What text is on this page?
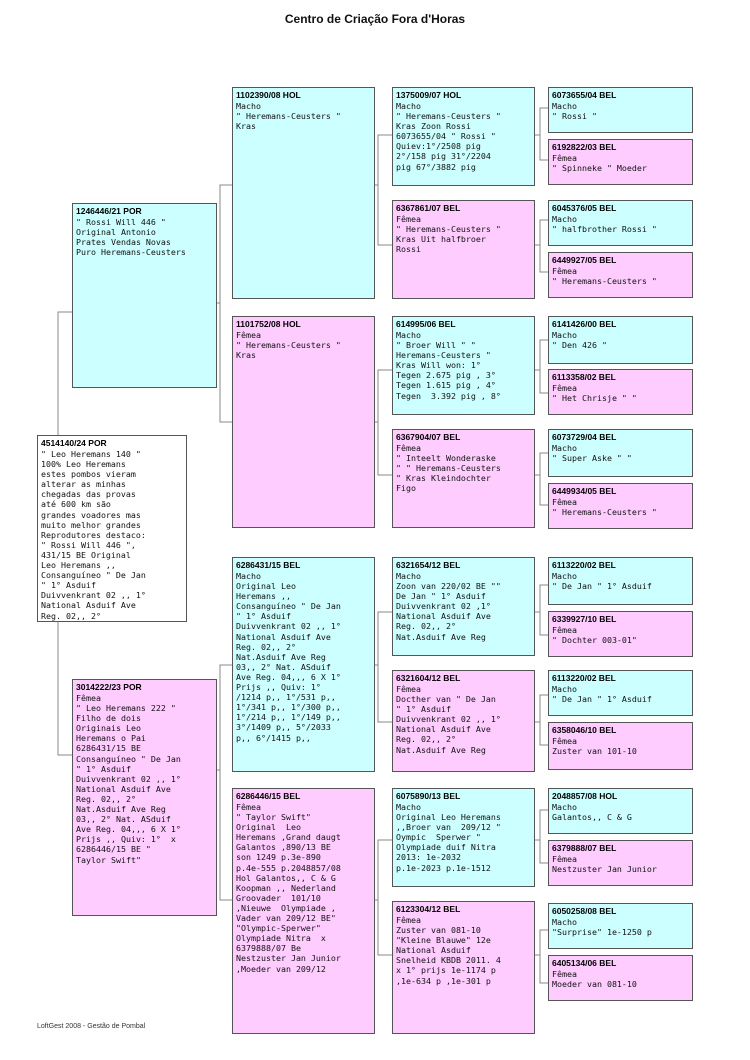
Centro de Criação Fora d'Horas
4514140/24 POR
" Leo Heremans 140 "
100% Leo Heremans
estes pombos vieram
alterar as minhas
chegadas das provas
até 600 km são
grandes voadores mas
muito melhor grandes
Reprodutores destaco:
" Rossi Will 446 ",
431/15 BE Original
Leo Heremans ,,
Consanguíneo " De Jan
" 1° Asduif
Duivvenkrant 02 ,, 1°
National Asduif Ave
Reg. 02,, 2°
1246446/21 POR
" Rossi Will 446 "
Original Antonio
Prates Vendas Novas
Puro Heremans-Ceusters
3014222/23 POR
Fêmea
" Leo Heremans 222 "
Filho de dois
Originais Leo
Heremans o Pai
6286431/15 BE
Consanguíneo " De Jan
" 1° Asduif
Duivvenkrant 02 ,, 1°
National Asduif Ave
Reg. 02,, 2°
Nat.Asduif Ave Reg
03,, 2° Nat. ASduif
Ave Reg. 04,,, 6 X 1°
Prijs ,, Quiv: 1°  x
6286446/15 BE "
Taylor Swift"
1102390/08 HOL
Macho
" Heremans-Ceusters "
Kras
1101752/08 HOL
Fêmea
" Heremans-Ceusters "
Kras
6286431/15 BEL
Macho
Original Leo
Heremans ,,
Consanguíneo " De Jan
" 1° Asduif
Duivvenkrant 02 ,, 1°
National Asduif Ave
Reg. 02,, 2°
Nat.Asduif Ave Reg
03,, 2° Nat. ASduif
Ave Reg. 04,,, 6 X 1°
Prijs ,, Quiv: 1°
/1214 p,, 1°/531 p,,
1°/341 p,, 1°/300 p,,
1°/214 p,, 1°/149 p,,
3°/1409 p,, 5°/2033
p,, 6°/1415 p,,
6286446/15 BEL
Fêmea
" Taylor Swift"
Original  Leo
Heremans ,Grand daugt
Galantos ,890/13 BE
son 1249 p.3e-890
p.4e-555 p.2048857/08
Hol Galantos,, C & G
Koopman ,, Nederland
Groovader  101/10
,Nieuwe  Olympiade ,
Vader van 209/12 BE"
"Olympic-Sperwer"
Olympiade Nitra  x
6379888/07 Be
Nestzuster Jan Junior
,Moeder van 209/12
1375009/07 HOL
Macho
" Heremans-Ceusters "
Kras Zoon Rossi
6073655/04 " Rossi "
Quiev:1°/2508 pig
2°/158 pig 31°/2204
pig 67°/3882 pig
6367861/07 BEL
Fêmea
" Heremans-Ceusters "
Kras Uit halfbroer
Rossi
614995/06 BEL
Macho
" Broer Will " "
Heremans-Ceusters "
Kras Will won: 1°
Tegen 2.675 pig , 3°
Tegen 1.615 pig , 4°
Tegen  3.392 pig , 8°
6367904/07 BEL
Fêmea
" Inteelt Wonderaske
" " Heremans-Ceusters
" Kras Kleindochter
Figo
6321654/12 BEL
Macho
Zoon van 220/02 BE ""
De Jan " 1° Asduif
Duivvenkrant 02 ,1°
National Asduif Ave
Reg. 02,, 2°
Nat.Asduif Ave Reg
6321604/12 BEL
Fêmea
Docther van " De Jan
" 1° Asduif
Duivvenkrant 02 ,, 1°
National Asduif Ave
Reg. 02,, 2°
Nat.Asduif Ave Reg
6075890/13 BEL
Macho
Original Leo Heremans
,,Broer van  209/12 "
Oympic  Sperwer "
Olympiade duif Nitra
2013: 1e-2032
p.1e-2023 p.1e-1512
6123304/12 BEL
Fêmea
Zuster van 081-10
"Kleine Blauwe" 12e
National Asduif
Snelheid KBDB 2011. 4
x 1° prijs 1e-1174 p
,1e-634 p ,1e-301 p
6073655/04 BEL
Macho
" Rossi "
6192822/03 BEL
Fêmea
" Spinneke " Moeder
6045376/05 BEL
Macho
" halfbrother Rossi "
6449927/05 BEL
Fêmea
" Heremans-Ceusters "
6141426/00 BEL
Macho
" Den 426 "
6113358/02 BEL
Fêmea
" Het Chrisje " "
6073729/04 BEL
Macho
" Super Aske " "
6449934/05 BEL
Fêmea
" Heremans-Ceusters "
6113220/02 BEL
Macho
" De Jan " 1° Asduif
6339927/10 BEL
Fêmea
" Dochter 003-01"
6113220/02 BEL
Macho
" De Jan " 1° Asduif
6358046/10 BEL
Fêmea
Zuster van 101-10
2048857/08 HOL
Macho
Galantos,, C & G
6379888/07 BEL
Fêmea
Nestzuster Jan Junior
6050258/08 BEL
Macho
"Surprise" 1e-1250 p
6405134/06 BEL
Fêmea
Moeder van 081-10
LoftGest 2008 - Gestão de Pombal
